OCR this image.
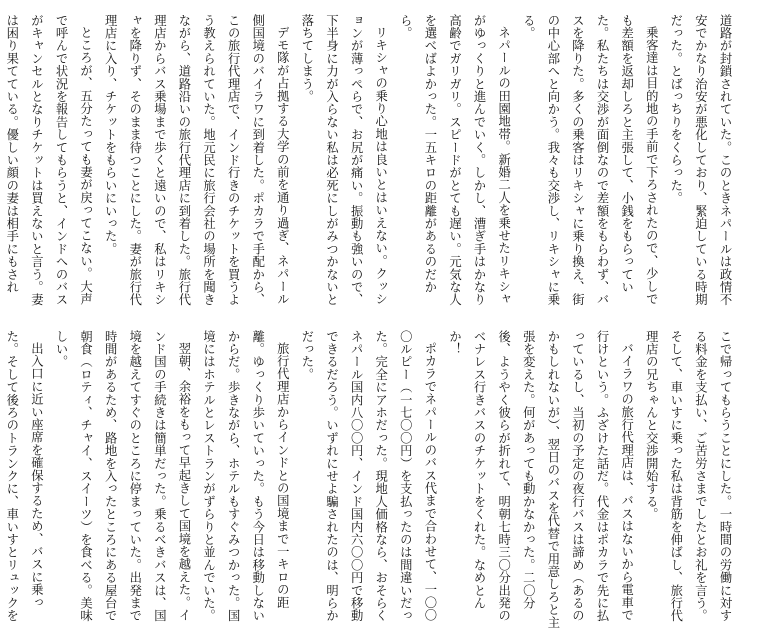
道路が封鎖されていた。このときネパールは政情不安でかなり治安が悪化しており、緊迫している時期だった。とばっちりをくらった。

乗客達は目的地の手前で下ろされたので、少しでも差額を返却しろと主張して、小銭をもらっていた。私たちは交渉が面倒なので差額をもらわず、バスを降りた。多くの乗客はリキシャに乗り換え、街の中心部へと向かう。我々も交渉し、リキシャに乗る。

ネパールの田園地帯。新婚二人を乗せたリキシャがゆっくりと進んでいく。しかし、漕ぎ手はかなり高齢でガリガリ。スピードがとても遅い。元気な人を選べばよかった。一五キロの距離があるのだから。

リキシャの乗り心地は良いとはいえない。クッションが薄っぺらで、お尻が痛い。振動も強いので、下半身に力が入らない私は必死にしがみつかないと落ちてしまう。

デモ隊が占拠する大学の前を通り過ぎ、ネパール側国境のバイラワに到着した。ポカラで手配から、この旅行代理店で、インド行きのチケットを買うよう教えられていた。地元民に旅行会社の場所を聞きながら、道路沿いの旅行代理店に到着した。旅行代理店からバス乗場まで歩くと遠いので、私はリキシャを降りず、そのまま待つことにした。妻が旅行代理店に入り、チケットをもらいにいった。

ところが、五分たっても妻が戻ってこない。大声で呼んで状況を報告してもらうと、インドへのバスがキャンセルとなりチケットは買えないと言う。妻は困り果てている。優しい顔の妻は相手にもされ

こで帰ってもらうことにした。一時間の労働に対する料金を支払い、ご苦労さまでしたとお礼を言う。そして、車いすに乗った私は背筋を伸ばし、旅行代理店の兄ちゃんと交渉開始する。

バイラワの旅行代理店は、バスはないから電車で行けという。ふざけた話だ。代金はポカラで先に払っているし、当初の予定の夜行バスは諦め（あるのかもしれないが）、翌日のバスを代替で用意しろと主張を変えた。何があっても動かなかった。二〇分後、ようやく彼らが折れて、明朝七時三〇分出発のベナレス行きバスのチケットをくれた。なめとんか！

ポカラでネパールのバス代まで合わせて、一〇〇〇ルピー（一七〇〇円）を支払ったのは間違いだった。完全にアホだった。現地人価格なら、おそらくネパール国内八〇〇円、インド国内六〇〇円で移動できるだろう。いずれにせよ騙されたのは、明らかだった。

旅行代理店からインドとの国境まで一キロの距離。ゆっくり歩いていった。もう今日は移動しないからだ。歩きながら、ホテルもすぐみつかった。国境にはホテルとレストランがずらりと並んでいた。

翌朝、余裕をもって早起きして国境を越えた。インド国の手続きは簡単だった。乗るべきバスは、国境を越えてすぐのところに停まっていた。出発まで時間があるため、路地を入ったところにある屋台で朝食（ロティ、チャイ、スイーツ）を食べる。美味しい。

出入口に近い座席を確保するため、バスに乗った。そして後ろのトランクに、車いすとリュックを
